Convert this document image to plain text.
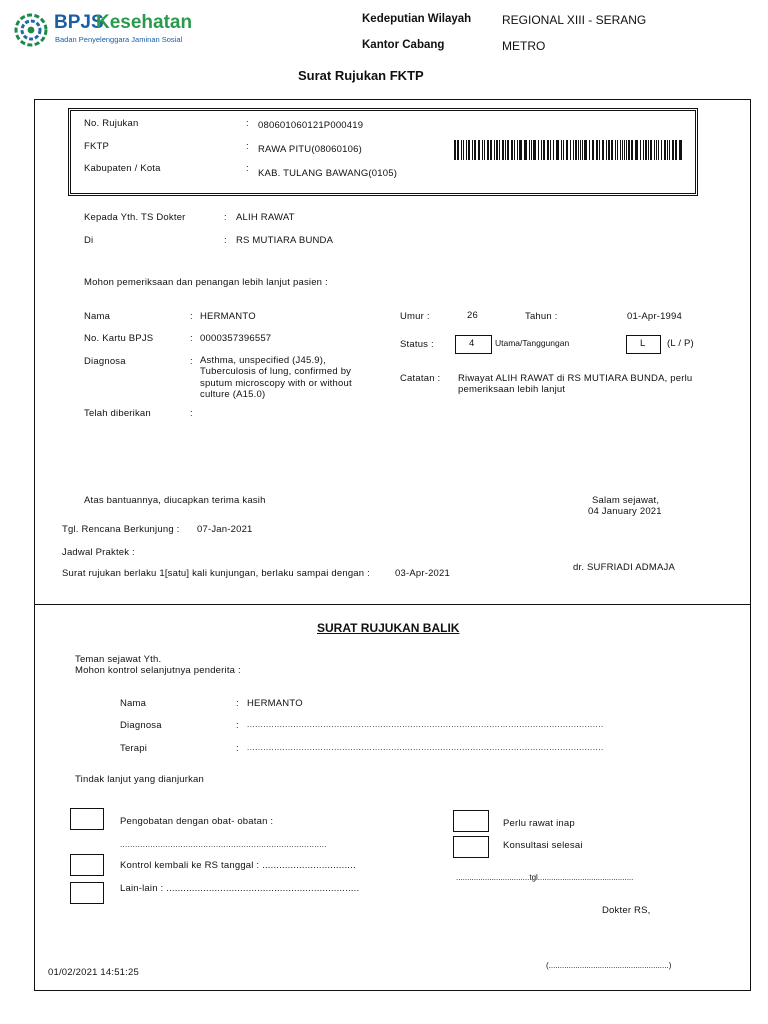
BPJS
Kesehatan
Badan Penyelenggara Jaminan Sosial
Kedeputian Wilayah	REGIONAL XIII - SERANG
Kantor Cabang	METRO
Surat Rujukan FKTP
No. Rujukan	: 080601060121P000419
FKTP	: RAWA PITU(08060106)
Kabupaten / Kota	: KAB. TULANG BAWANG(0105)
Kepada Yth. TS Dokter	: ALIH RAWAT
Di	: RS MUTIARA BUNDA
Mohon pemeriksaan dan penangan lebih lanjut pasien :
Nama	: HERMANTO
No. Kartu BPJS	: 0000357396557
Diagnosa	: Asthma, unspecified (J45.9), Tuberculosis of lung, confirmed by sputum microscopy with or without culture (A15.0)
Telah diberikan	:
Umur :	26	Tahun :	01-Apr-1994
Status :	4 Utama/Tanggungan	L (L / P)
Catatan : Riwayat ALIH RAWAT di RS MUTIARA BUNDA, perlu pemeriksaan lebih lanjut
Atas bantuannya, diucapkan terima kasih	Salam sejawat,
04 January 2021
Tgl. Rencana Berkunjung : 07-Jan-2021
Jadwal Praktek :
Surat rujukan berlaku 1[satu] kali kunjungan, berlaku sampai dengan :	03-Apr-2021
dr. SUFRIADI ADMAJA
SURAT RUJUKAN BALIK
Teman sejawat Yth.
Mohon kontrol selanjutnya penderita :
Nama	: HERMANTO
Diagnosa	: ...................................................................................................................................
Terapi	: ...................................................................................................................................
Tindak lanjut yang dianjurkan
Pengobatan dengan obat- obatan :
..................................................................................
Kontrol kembali ke RS tanggal : .................................
Lain-lain : ....................................................................
Perlu rawat inap
Konsultasi selesai
.................................tgl...........................................
Dokter RS,
01/02/2021 14:51:25
(......................................................)
